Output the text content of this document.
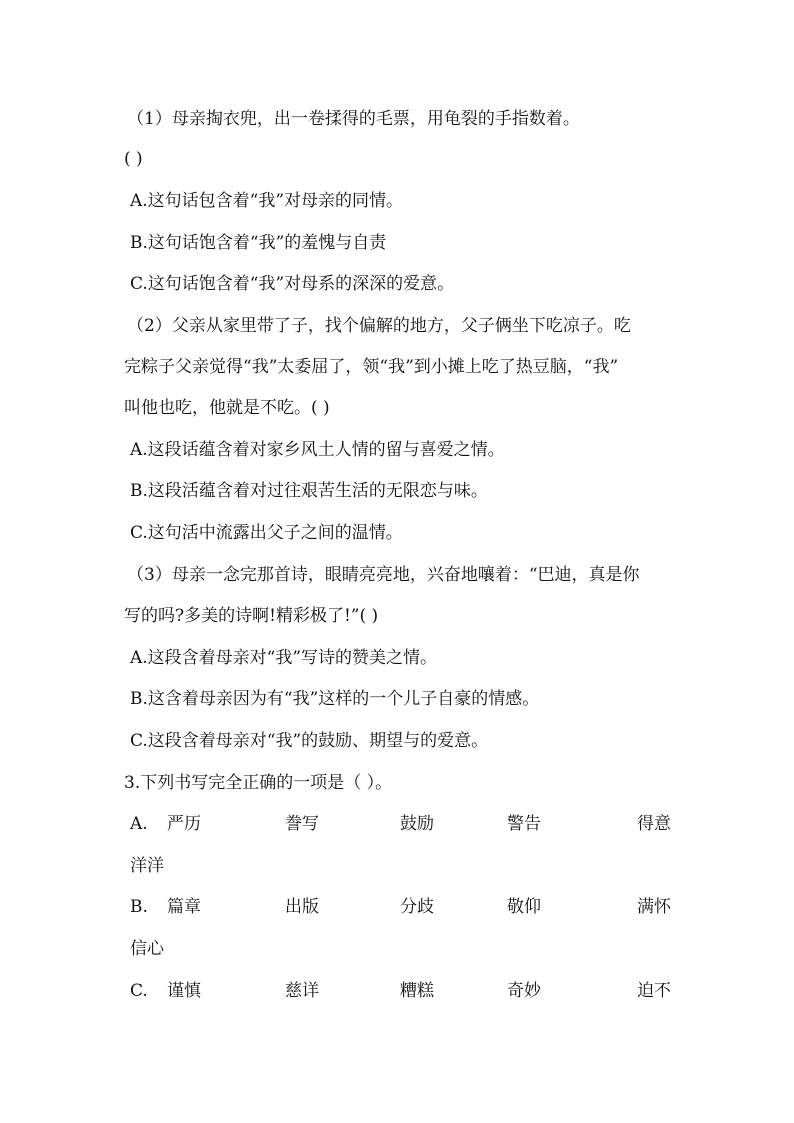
（1）母亲掏衣兜，出一卷揉得的毛票，用龟裂的手指数着。
( )
A.这句话包含着“我”对母亲的同情。
B.这句话饱含着“我”的羞愧与自责
C.这句话饱含着“我”对母系的深深的爱意。
（2）父亲从家里带了子，找个偏解的地方，父子俩坐下吃凉子。吃
完粽子父亲觉得“我”太委屈了，领“我”到小摊上吃了热豆脑，“我”
叫他也吃，他就是不吃。( )
A.这段话蕴含着对家乡风土人情的留与喜爱之情。
B.这段活蕴含着对过往艰苦生活的无限恋与味。
C.这句活中流露出父子之间的温情。
（3）母亲一念完那首诗，眼睛亮亮地，兴奋地嚷着：“巴迪，真是你
写的吗?多美的诗啊!精彩极了!”( )
A.这段含着母亲对“我”写诗的赞美之情。
B.这含着母亲因为有“我”这样的一个儿子自豪的情感。
C.这段含着母亲对“我”的鼓励、期望与的爱意。
3.下列书写完全正确的一项是（ ）。
A. 严历	誊写	鼓励	警告	得意
洋洋
B. 篇章	出版	分歧	敬仰	满怀
信心
C. 谨慎	慈详	糟糕	奇妙	迫不
